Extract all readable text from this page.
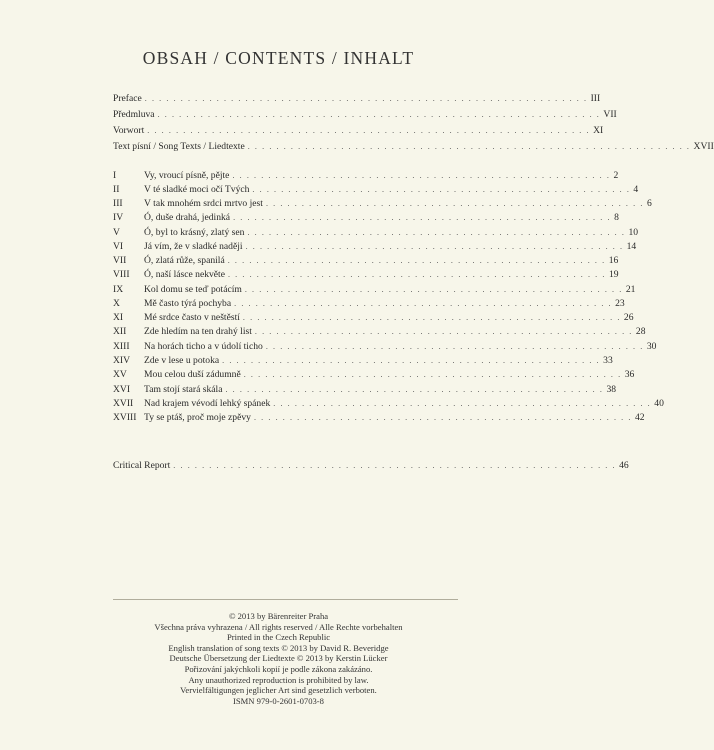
OBSAH / CONTENTS / INHALT
Preface . . . . . . . . . . . . . . . . . . . . . . . . . . . . . . . . . . . . . . . . . . . . . . . . . . . . . . . . . . . . . . III
Předmluva . . . . . . . . . . . . . . . . . . . . . . . . . . . . . . . . . . . . . . . . . . . . . . . . . . . . . . . . . . . . . . VII
Vorwort . . . . . . . . . . . . . . . . . . . . . . . . . . . . . . . . . . . . . . . . . . . . . . . . . . . . . . . . . . . . . . XI
Text písní / Song Texts / Liedtexte . . . . . . . . . . . . . . . . . . . . . . . . . . . . . . . . . . . . . . . . . . . . . . . . . . . . . . . . . . . . . . XVII
I	Vy, vroucí písně, pějte . . . . . . . . . . . . . . . . . . . . . . . . . . . . . . . . . . . . . . . . . . . . . . . . . . . . . 2
II	V té sladké moci očí Tvých . . . . . . . . . . . . . . . . . . . . . . . . . . . . . . . . . . . . . . . . . . . . . . . . . . . . . 4
III	V tak mnohém srdci mrtvo jest . . . . . . . . . . . . . . . . . . . . . . . . . . . . . . . . . . . . . . . . . . . . . . . . . . . . . 6
IV	Ó, duše drahá, jedinká . . . . . . . . . . . . . . . . . . . . . . . . . . . . . . . . . . . . . . . . . . . . . . . . . . . . . 8
V	Ó, byl to krásný, zlatý sen . . . . . . . . . . . . . . . . . . . . . . . . . . . . . . . . . . . . . . . . . . . . . . . . . . . . . 10
VI	Já vím, že v sladké naději . . . . . . . . . . . . . . . . . . . . . . . . . . . . . . . . . . . . . . . . . . . . . . . . . . . . . 14
VII	Ó, zlatá růže, spanilá . . . . . . . . . . . . . . . . . . . . . . . . . . . . . . . . . . . . . . . . . . . . . . . . . . . . . 16
VIII	Ó, naší lásce nekvěte . . . . . . . . . . . . . . . . . . . . . . . . . . . . . . . . . . . . . . . . . . . . . . . . . . . . . 19
IX	Kol domu se teď potácím . . . . . . . . . . . . . . . . . . . . . . . . . . . . . . . . . . . . . . . . . . . . . . . . . . . . . 21
X	Mě často týrá pochyba . . . . . . . . . . . . . . . . . . . . . . . . . . . . . . . . . . . . . . . . . . . . . . . . . . . . . 23
XI	Mé srdce často v neštěstí . . . . . . . . . . . . . . . . . . . . . . . . . . . . . . . . . . . . . . . . . . . . . . . . . . . . . 26
XII	Zde hledím na ten drahý list . . . . . . . . . . . . . . . . . . . . . . . . . . . . . . . . . . . . . . . . . . . . . . . . . . . . . 28
XIII	Na horách ticho a v údolí ticho . . . . . . . . . . . . . . . . . . . . . . . . . . . . . . . . . . . . . . . . . . . . . . . . . . . . . 30
XIV	Zde v lese u potoka . . . . . . . . . . . . . . . . . . . . . . . . . . . . . . . . . . . . . . . . . . . . . . . . . . . . . 33
XV	Mou celou duší zádumně . . . . . . . . . . . . . . . . . . . . . . . . . . . . . . . . . . . . . . . . . . . . . . . . . . . . . 36
XVI	Tam stojí stará skála . . . . . . . . . . . . . . . . . . . . . . . . . . . . . . . . . . . . . . . . . . . . . . . . . . . . . 38
XVII	Nad krajem vévodí lehký spánek . . . . . . . . . . . . . . . . . . . . . . . . . . . . . . . . . . . . . . . . . . . . . . . . . . . . . 40
XVIII Ty se ptáš, proč moje zpěvy . . . . . . . . . . . . . . . . . . . . . . . . . . . . . . . . . . . . . . . . . . . . . . . . . . . . . 42
Critical Report . . . . . . . . . . . . . . . . . . . . . . . . . . . . . . . . . . . . . . . . . . . . . . . . . . . . . . . . . . . . . . 46
© 2013 by Bärenreiter Praha
Všechna práva vyhrazena / All rights reserved / Alle Rechte vorbehalten
Printed in the Czech Republic
English translation of song texts © 2013 by David R. Beveridge
Deutsche Übersetzung der Liedtexte © 2013 by Kerstin Lücker
Pořizování jakýchkoli kopií je podle zákona zakázáno.
Any unauthorized reproduction is prohibited by law.
Vervielfältigungen jeglicher Art sind gesetzlich verboten.
ISMN 979-0-2601-0703-8
